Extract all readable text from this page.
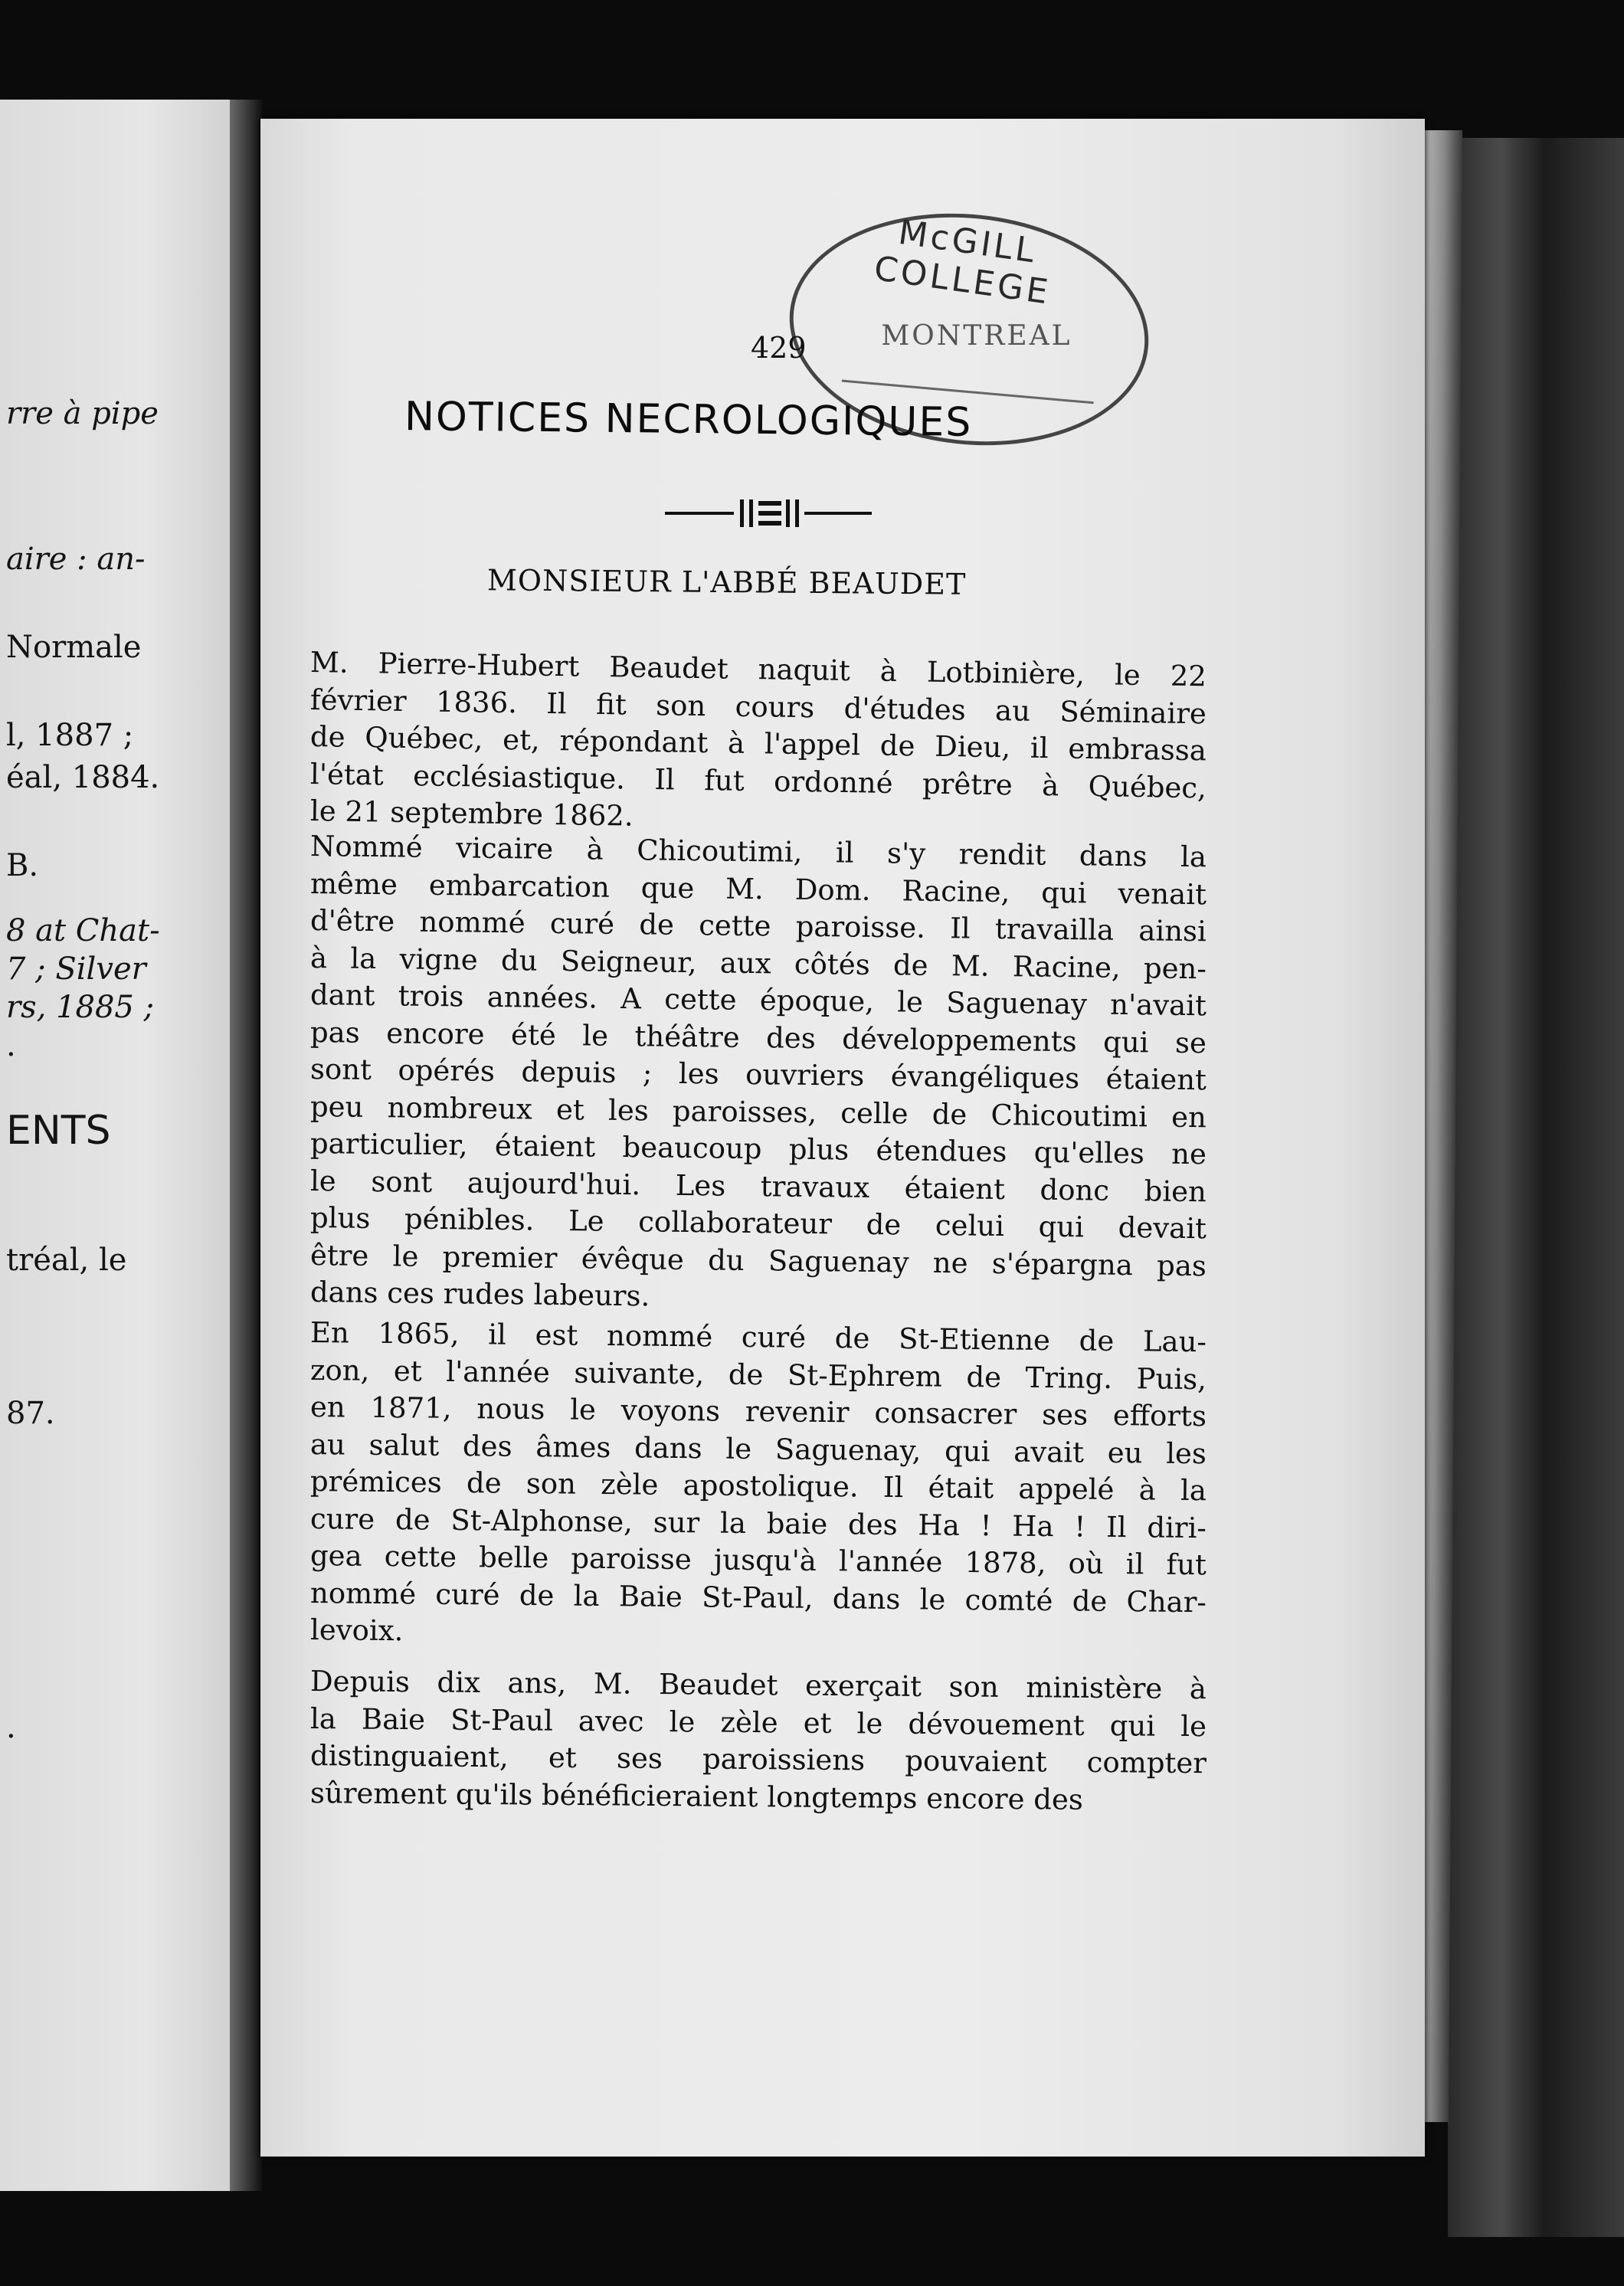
rre à pipe
aire : an-
Normale
l, 1887 ;
éal, 1884.
B.
8 at Chat-
7 ; Silver
rs, 1885 ;
.
ENTS
tréal, le
87.
.
McGILL COLLEGE
MONTREAL
429
NOTICES NECROLOGIQUES
MONSIEUR L'ABBÉ BEAUDET
M. Pierre-Hubert Beaudet naquit à Lotbinière, le 22
février 1836. Il fit son cours d'études au Séminaire
de Québec, et, répondant à l'appel de Dieu, il embrassa
l'état ecclésiastique. Il fut ordonné prêtre à Québec,
le 21 septembre 1862.
Nommé vicaire à Chicoutimi, il s'y rendit dans la
même embarcation que M. Dom. Racine, qui venait
d'être nommé curé de cette paroisse. Il travailla ainsi
à la vigne du Seigneur, aux côtés de M. Racine, pen-
dant trois années. A cette époque, le Saguenay n'avait
pas encore été le théâtre des développements qui se
sont opérés depuis ; les ouvriers évangéliques étaient
peu nombreux et les paroisses, celle de Chicoutimi en
particulier, étaient beaucoup plus étendues qu'elles ne
le sont aujourd'hui. Les travaux étaient donc bien
plus pénibles. Le collaborateur de celui qui devait
être le premier évêque du Saguenay ne s'épargna pas
dans ces rudes labeurs.
En 1865, il est nommé curé de St-Etienne de Lau-
zon, et l'année suivante, de St-Ephrem de Tring. Puis,
en 1871, nous le voyons revenir consacrer ses efforts
au salut des âmes dans le Saguenay, qui avait eu les
prémices de son zèle apostolique. Il était appelé à la
cure de St-Alphonse, sur la baie des Ha ! Ha ! Il diri-
gea cette belle paroisse jusqu'à l'année 1878, où il fut
nommé curé de la Baie St-Paul, dans le comté de Char-
levoix.
Depuis dix ans, M. Beaudet exerçait son ministère à
la Baie St-Paul avec le zèle et le dévouement qui le
distinguaient, et ses paroissiens pouvaient compter
sûrement qu'ils bénéficieraient longtemps encore des
